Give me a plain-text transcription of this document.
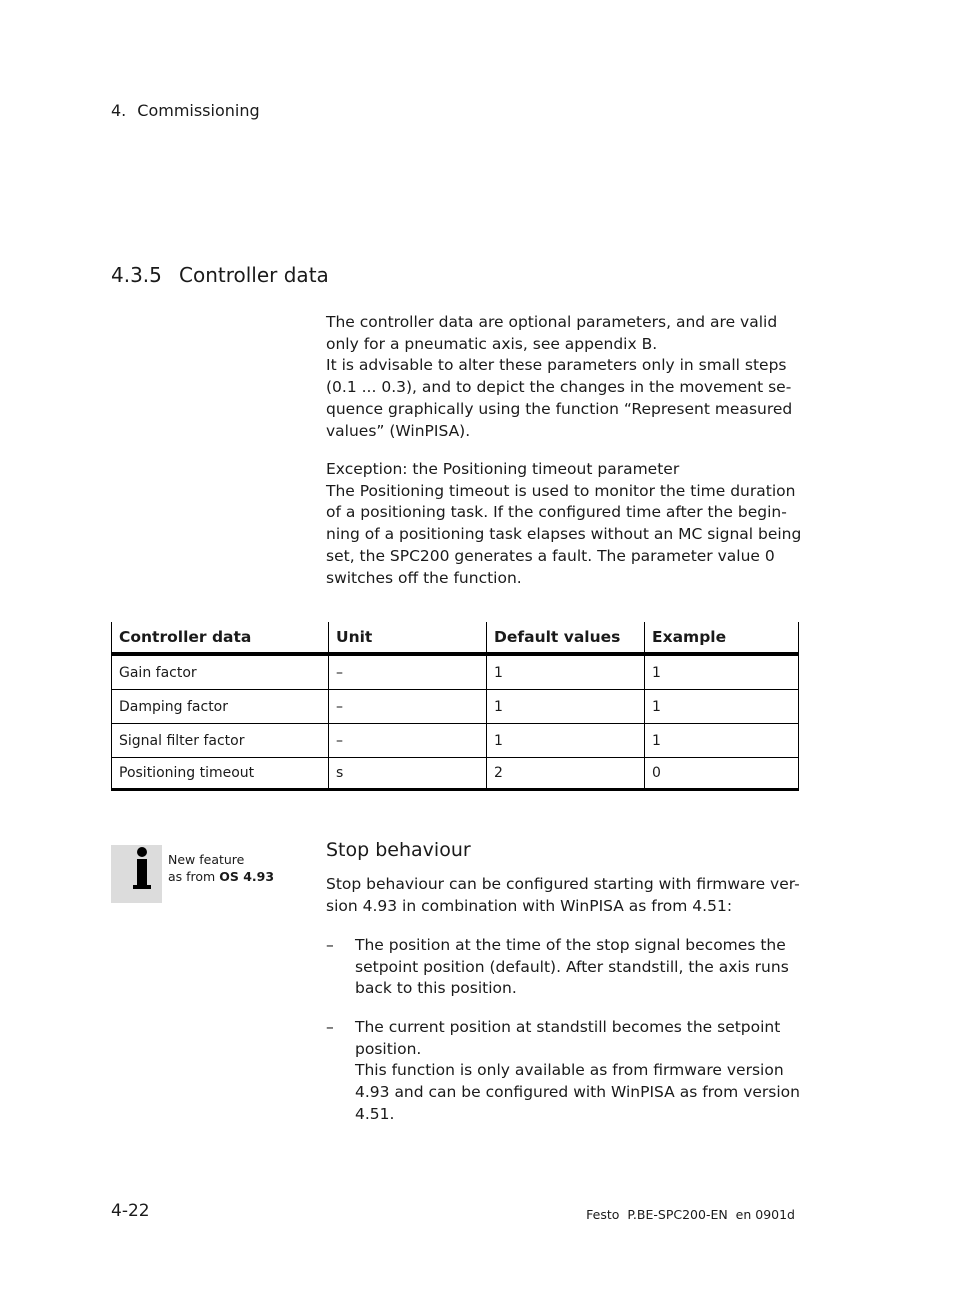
4. Commissioning
4.3.5 Controller data

The controller data are optional parameters, and are valid

only for a pneumatic axis, see appendix B.

It is advisable to alter these parameters only in small steps

(0.1 ... 0.3), and to depict the changes in the movement se-

quence graphically using the function “Represent measured

values” (WinPISA).

Exception: the Positioning timeout parameter

The Positioning timeout is used to monitor the time duration

of a positioning task. If the configured time after the begin-

ning of a positioning task elapses without an MC signal being

set, the SPC200 generates a fault. The parameter value 0

switches off the function.

Controller data	Unit	Default values	Example
Gain factor	–	1	1
Damping factor	–	1	1
Signal filter factor	–	1	1
Positioning timeout	s	2	0
New feature
as from OS 4.93
Stop behaviour

Stop behaviour can be configured starting with firmware ver-

sion 4.93 in combination with WinPISA as from 4.51:

– The position at the time of the stop signal becomes the
setpoint position (default). After standstill, the axis runs
back to this position.
– The current position at standstill becomes the setpoint
position.
This function is only available as from firmware version
4.93 and can be configured with WinPISA as from version
4.51.
4-22	Festo  P.BE-SPC200-EN  en 0901d
